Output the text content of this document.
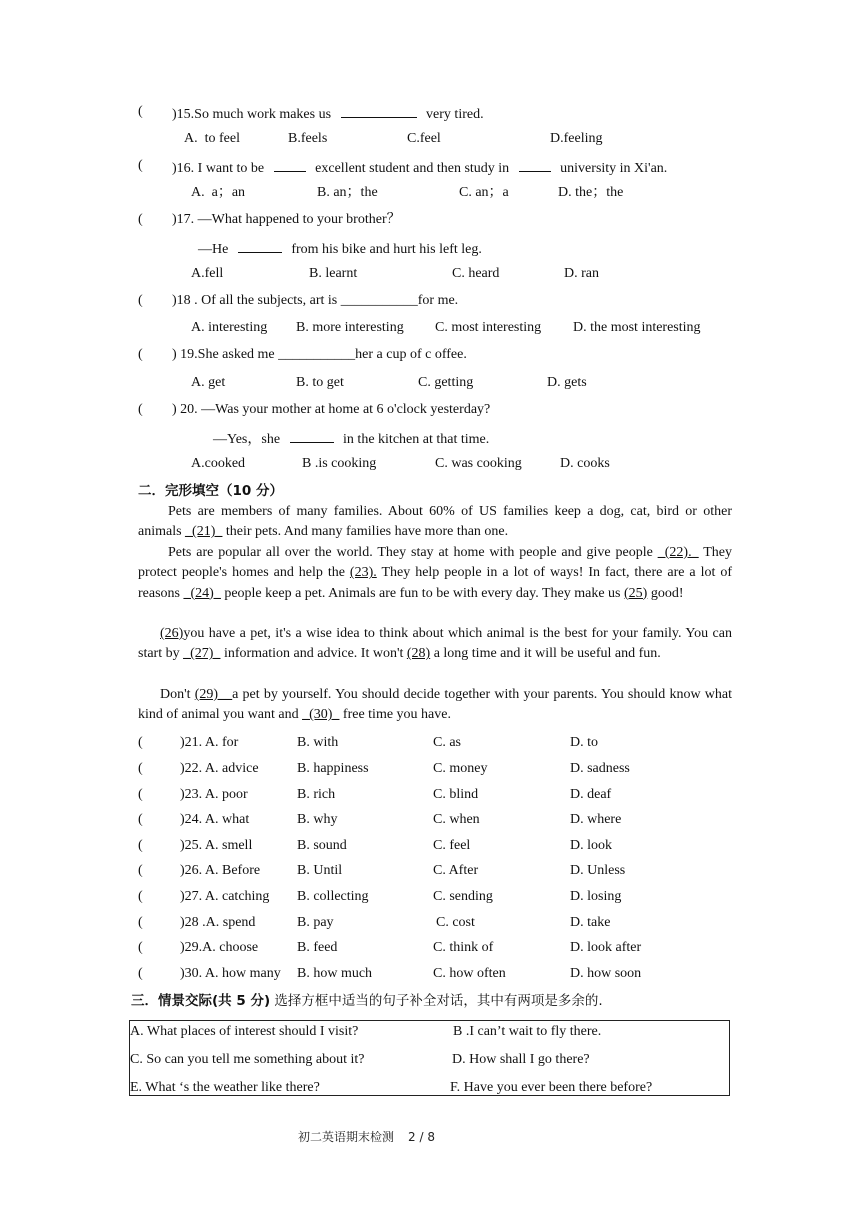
( )15.So much work makes us	very tired.
A.  to feel	B.feels	C.feel	D.feeling
( )16. I want to be	excellent student and then study in	university in Xi'an.
A.  a；an	B. an；the	C. an；a	D. the；the
( )17. —What happened to your brother？
—He	from his bike and hurt his left leg.
A.fell	B. learnt	C. heard	D. ran
( )18 . Of all the subjects, art is ___________for me.
A. interesting B. more interesting C. most interesting D. the most interesting
( ) 19.She asked me ___________her a cup of c offee.
A. get	B. to get	C. getting	D. gets
( ) 20. —Was your mother at home at 6 o'clock yesterday?
—Yes，she	in the kitchen at that time.
A.cooked	B .is cooking	C. was cooking	D. cooks
二．完形填空（10 分）
Pets are members of many families. About 60% of US families keep a dog, cat, bird or other animals _(21)_ their pets. And many families have more than one.
Pets are popular all over the world. They stay at home with people and give people _(22)._ They protect people's homes and help the (23). They help people in a lot of ways! In fact, there are a lot of reasons _(24)_ people keep a pet. Animals are fun to be with every day. They make us (25) good!
(26)you have a pet, it's a wise idea to think about which animal is the best for your family. You can start by _(27)_ information and advice. It won't (28) a long time and it will be useful and fun.
Don't (29)__a pet by yourself. You should decide together with your parents. You should know what kind of animal you want and _(30)_ free time you have.
(	)21. A. for	B. with	C. as	D. to
(	)22. A. advice	B. happiness	C. money	D. sadness
(	)23. A. poor	B. rich	C. blind	D. deaf
(	)24. A. what	B. why	C. when	D. where
(	)25. A. smell	B. sound	C. feel	D. look
(	)26. A. Before	B. Until	C. After	D. Unless
(	)27. A. catching B. collecting	C. sending	D. losing
(	)28 .A. spend	B. pay	C. cost	D. take
(	)29.A. choose	B. feed	C. think of	D. look after
(	)30. A. how many B. how much	C. how often	D. how soon
三．情景交际(共 5 分) 选择方框中适当的句子补全对话，其中有两项是多余的.
A. What places of interest should I visit?	B .I can’t wait to fly there.
C. So can you tell me something about it?	D. How shall I go there?
E. What ‘s the weather like there?	F. Have you ever been there before?
初二英语期末检测 2 / 8
